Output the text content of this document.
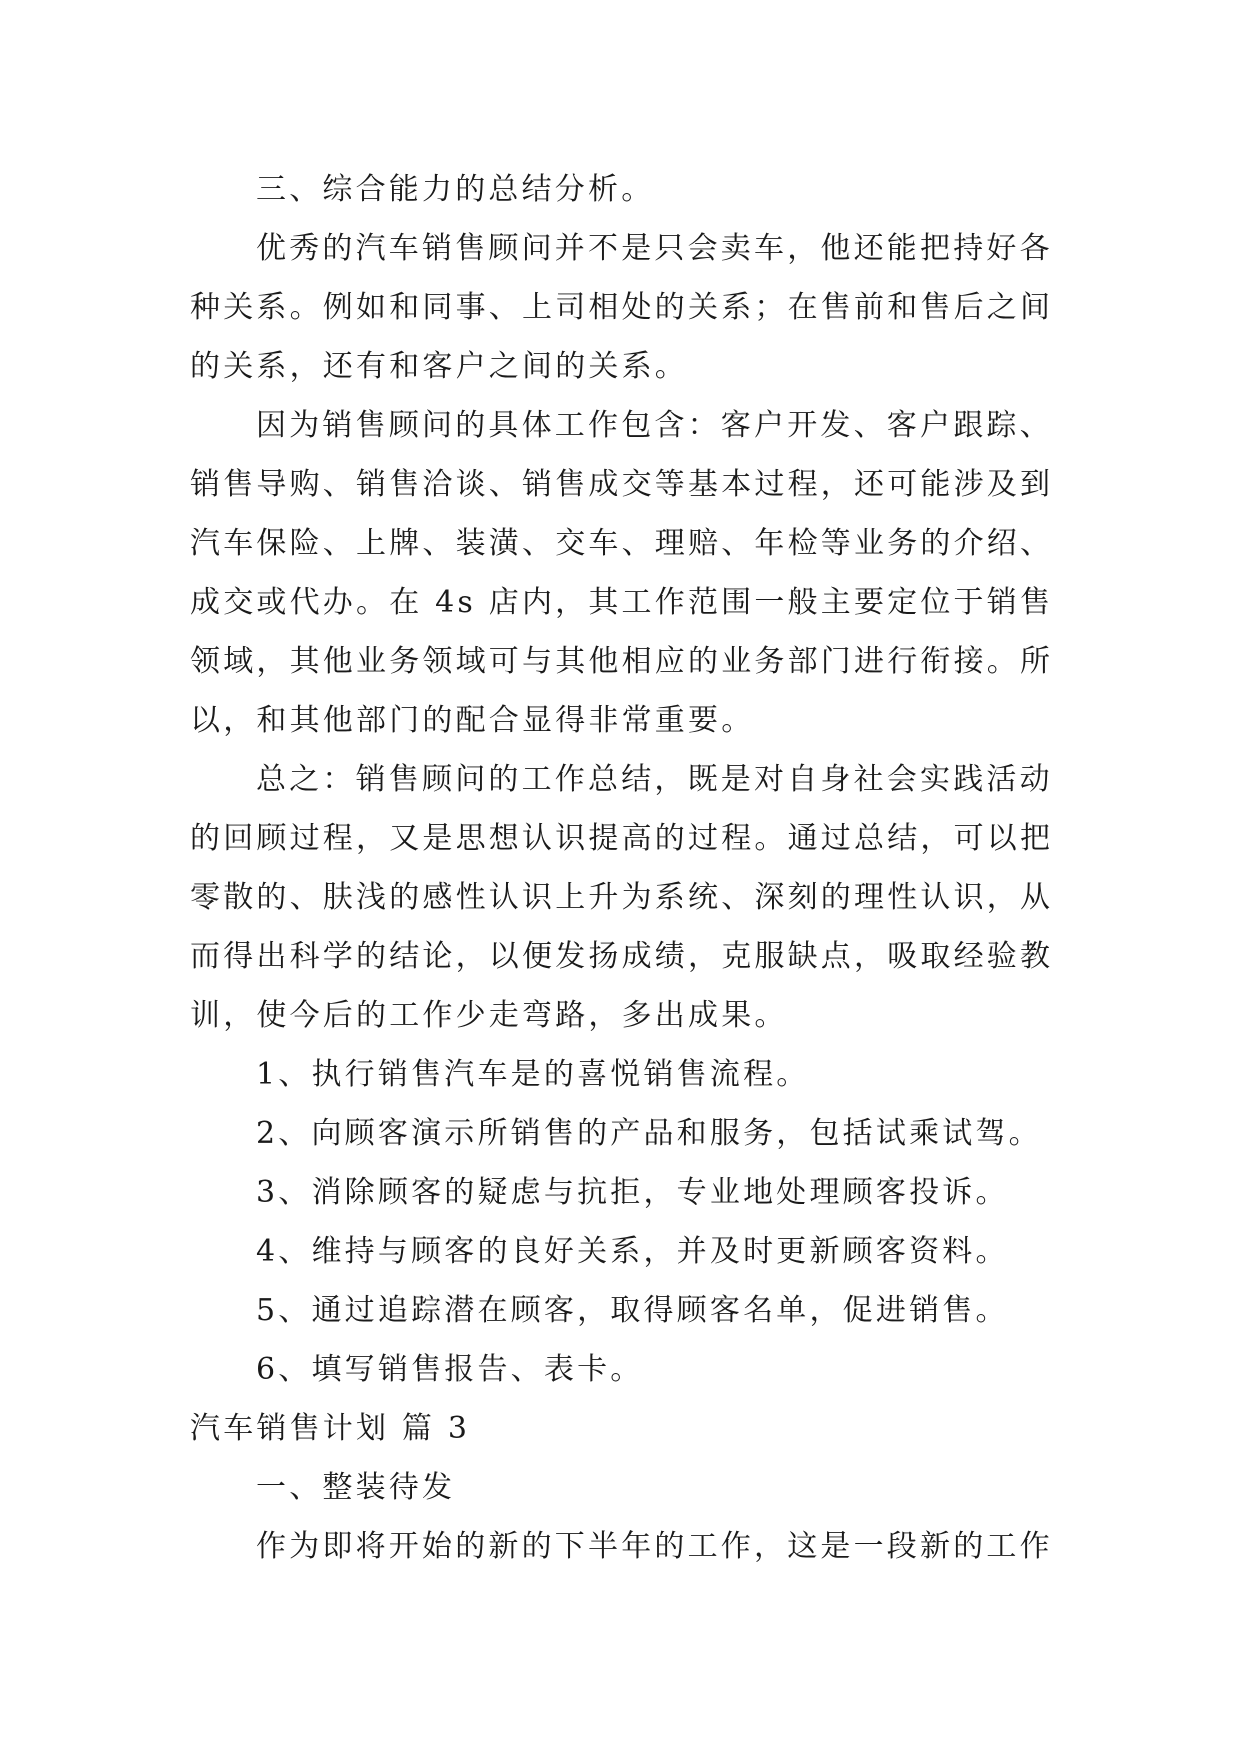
三、综合能力的总结分析。

优秀的汽车销售顾问并不是只会卖车，他还能把持好各种关系。例如和同事、上司相处的关系；在售前和售后之间的关系，还有和客户之间的关系。

因为销售顾问的具体工作包含：客户开发、客户跟踪、销售导购、销售洽谈、销售成交等基本过程，还可能涉及到汽车保险、上牌、装潢、交车、理赔、年检等业务的介绍、成交或代办。在 4s 店内，其工作范围一般主要定位于销售领域，其他业务领域可与其他相应的业务部门进行衔接。所以，和其他部门的配合显得非常重要。

总之：销售顾问的工作总结，既是对自身社会实践活动的回顾过程，又是思想认识提高的过程。通过总结，可以把零散的、肤浅的感性认识上升为系统、深刻的理性认识，从而得出科学的结论，以便发扬成绩，克服缺点，吸取经验教训，使今后的工作少走弯路，多出成果。

1、执行销售汽车是的喜悦销售流程。

2、向顾客演示所销售的产品和服务，包括试乘试驾。

3、消除顾客的疑虑与抗拒，专业地处理顾客投诉。

4、维持与顾客的良好关系，并及时更新顾客资料。

5、通过追踪潜在顾客，取得顾客名单，促进销售。

6、填写销售报告、表卡。

汽车销售计划 篇 3

一、整装待发

作为即将开始的新的下半年的工作，这是一段新的工作
